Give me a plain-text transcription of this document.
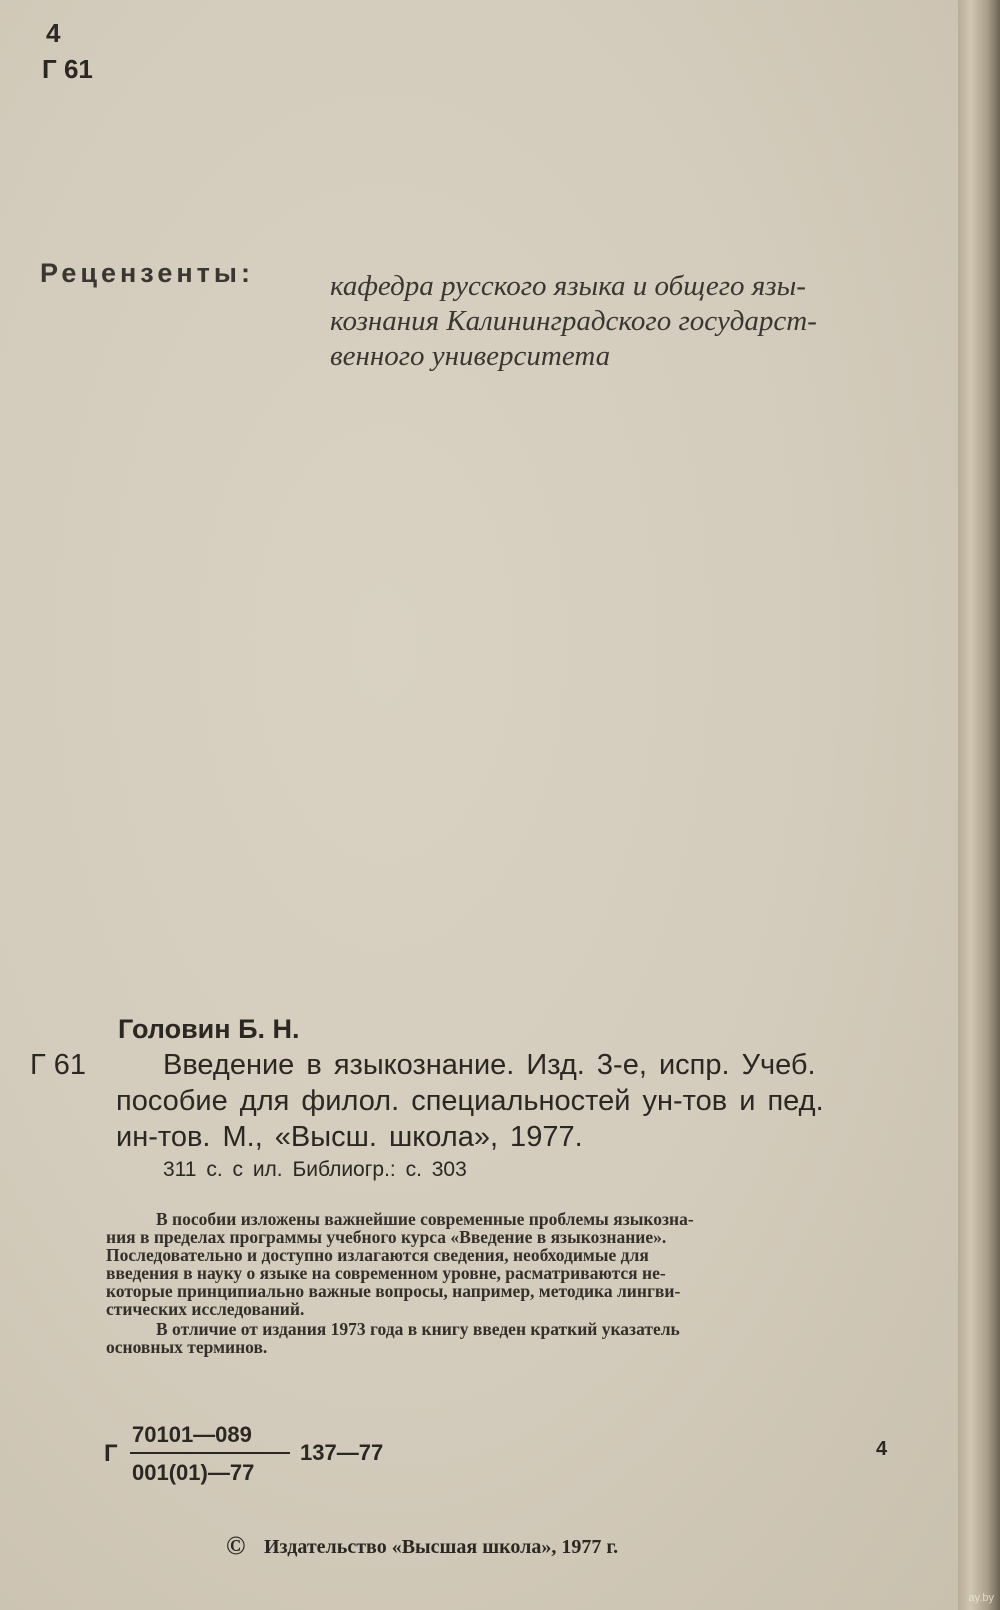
4
Г 61
Рецензенты:	кафедра русского языка и общего язы-
кознания Калининградского государст-
венного университета
Головин Б. Н.
Г 61	Введение в языкознание. Изд. 3-е, испр. Учеб.
пособие для филол. специальностей ун-тов и пед.
ин-тов. М., «Высш. школа», 1977.
311 с. с ил. Библиогр.: с. 303
В пособии изложены важнейшие современные проблемы языкозна-
ния в пределах программы учебного курса «Введение в языкознание».
Последовательно и доступно излагаются сведения, необходимые для
введения в науку о языке на современном уровне, расматриваются не-
которые принципиально важные вопросы, например, методика лингви-
стических исследований.
В отличие от издания 1973 года в книгу введен краткий указатель
основных терминов.
Г
70101—089
001(01)—77
137—77	4
© Издательство «Высшая школа», 1977 г.
ay.by
